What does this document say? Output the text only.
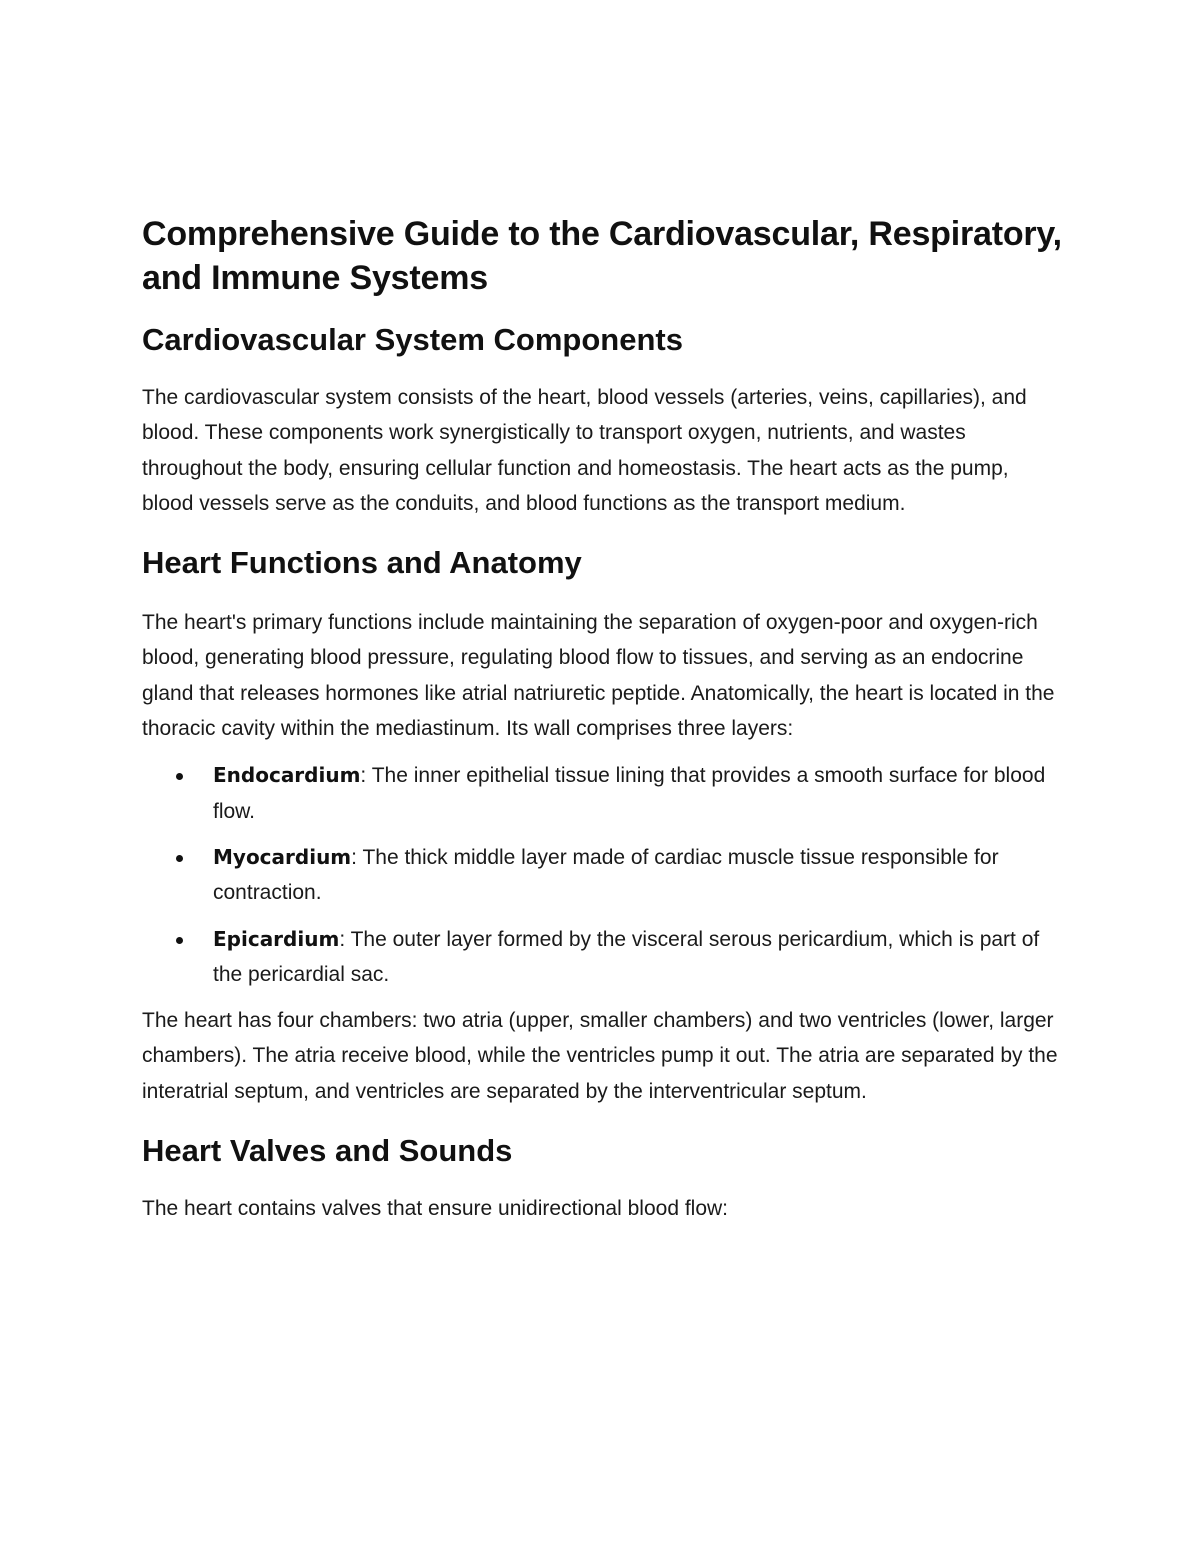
Comprehensive Guide to the Cardiovascular, Respiratory, and Immune Systems
Cardiovascular System Components

The cardiovascular system consists of the heart, blood vessels (arteries, veins, capillaries), and blood. These components work synergistically to transport oxygen, nutrients, and wastes throughout the body, ensuring cellular function and homeostasis. The heart acts as the pump, blood vessels serve as the conduits, and blood functions as the transport medium.

Heart Functions and Anatomy

The heart's primary functions include maintaining the separation of oxygen-poor and oxygen-rich blood, generating blood pressure, regulating blood flow to tissues, and serving as an endocrine gland that releases hormones like atrial natriuretic peptide. Anatomically, the heart is located in the thoracic cavity within the mediastinum. Its wall comprises three layers:

Endocardium: The inner epithelial tissue lining that provides a smooth surface for blood flow.
Myocardium: The thick middle layer made of cardiac muscle tissue responsible for contraction.
Epicardium: The outer layer formed by the visceral serous pericardium, which is part of the pericardial sac.

The heart has four chambers: two atria (upper, smaller chambers) and two ventricles (lower, larger chambers). The atria receive blood, while the ventricles pump it out. The atria are separated by the interatrial septum, and ventricles are separated by the interventricular septum.

Heart Valves and Sounds

The heart contains valves that ensure unidirectional blood flow:
